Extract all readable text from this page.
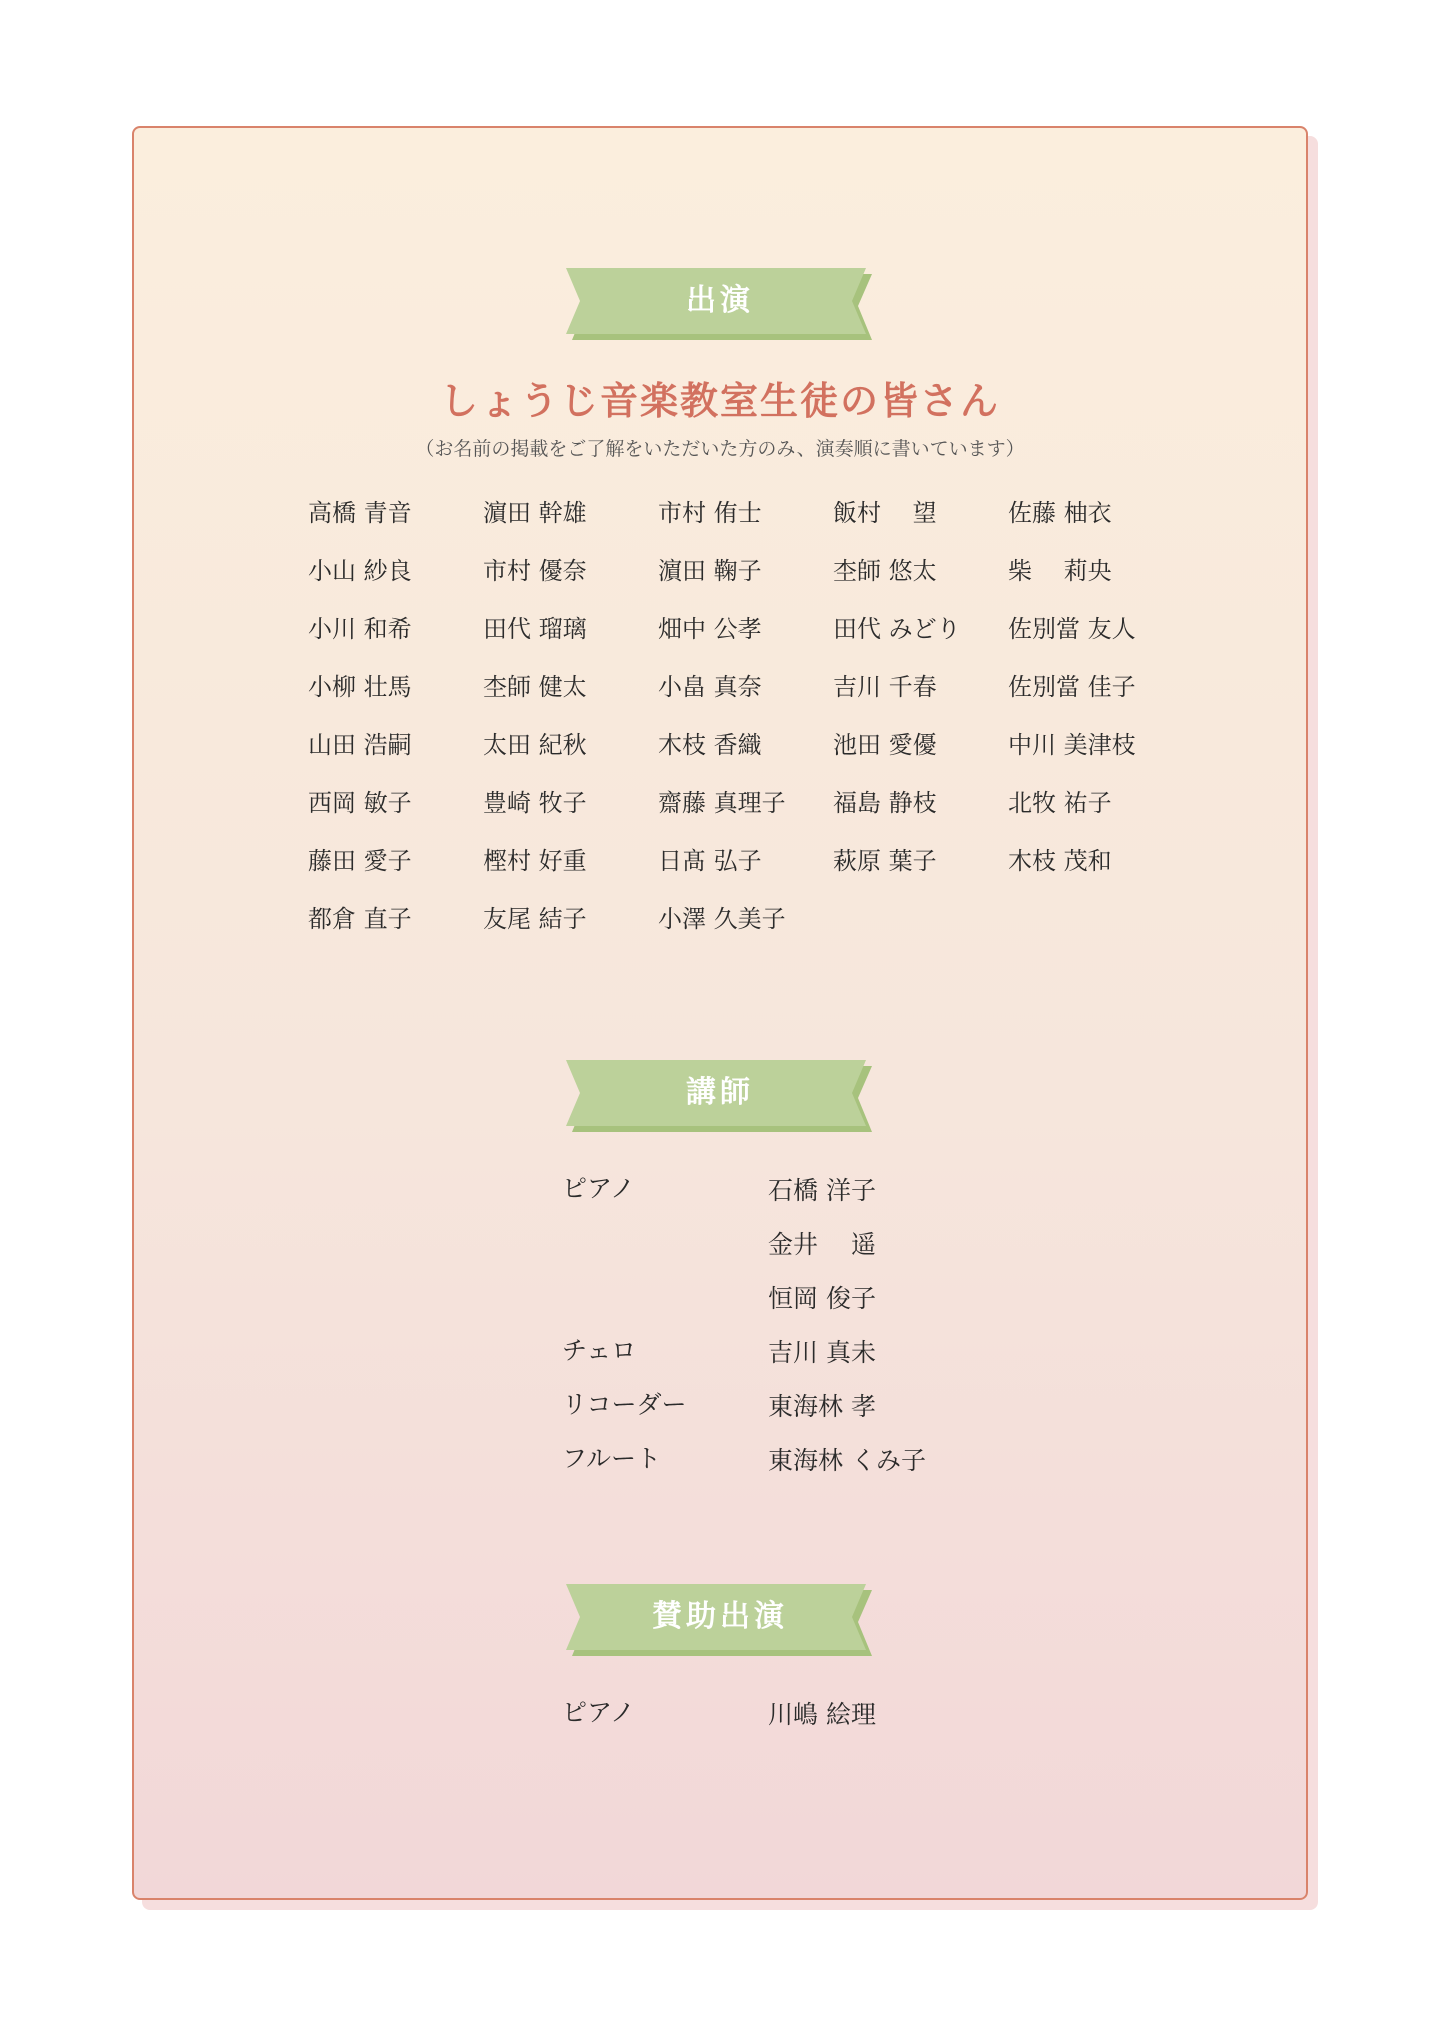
出演
しょうじ音楽教室生徒の皆さん
（お名前の掲載をご了解をいただいた方のみ、演奏順に書いています）
高橋 青音	濵田 幹雄	市村 侑士	飯村　 望	佐藤 柚衣
小山 紗良	市村 優奈	濵田 鞠子	杢師 悠太	柴　 莉央
小川 和希	田代 瑠璃	畑中 公孝	田代 みどり	佐別當 友人
小柳 壮馬	杢師 健太	小畠 真奈	吉川 千春	佐別當 佳子
山田 浩嗣	太田 紀秋	木枝 香織	池田 愛優	中川 美津枝
西岡 敏子	豊崎 牧子	齋藤 真理子	福島 静枝	北牧 祐子
藤田 愛子	樫村 好重	日髙 弘子	萩原 葉子	木枝 茂和
都倉 直子	友尾 結子	小澤 久美子
講師
ピアノ	石橋 洋子
金井　 遥
恒岡 俊子
チェロ	吉川 真未
リコーダー	東海林 孝
フルート	東海林 くみ子
賛助出演
ピアノ	川嶋 絵理
